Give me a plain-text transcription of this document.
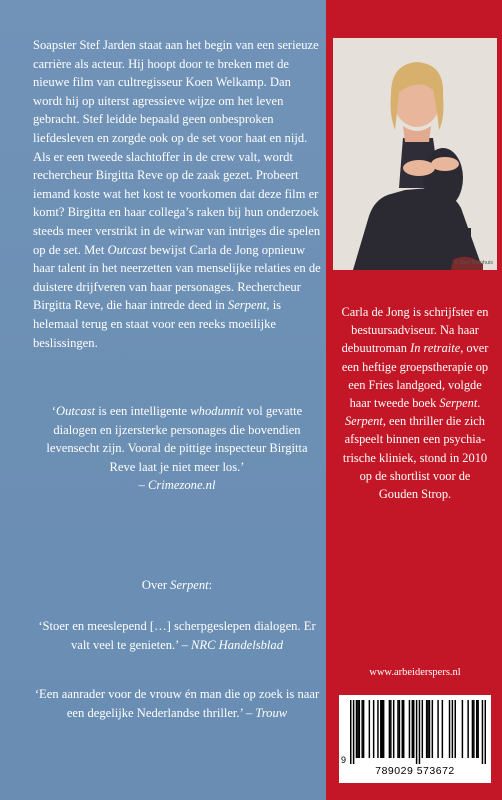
Soapster Stef Jarden staat aan het begin van een serieuze carrière als acteur. Hij hoopt door te breken met de nieuwe film van cultregisseur Koen Welkamp. Dan wordt hij op uiterst agressieve wijze om het leven gebracht. Stef leidde bepaald geen onbesproken liefdesleven en zorgde ook op de set voor haat en nijd. Als er een tweede slachtoffer in de crew valt, wordt rechercheur Birgitta Reve op de zaak gezet. Probeert iemand koste wat het kost te voorkomen dat deze film er komt? Birgitta en haar collega’s raken bij hun onderzoek steeds meer verstrikt in de wirwar van intriges die spelen op de set. Met Outcast bewijst Carla de Jong opnieuw haar talent in het neerzetten van menselijke relaties en de duistere drijfveren van haar personages. Rechercheur Birgitta Reve, die haar intrede deed in Serpent, is helemaal terug en staat voor een reeks moeilijke beslissingen.

‘Outcast is een intelligente whodunnit vol gevatte dialogen en ijzersterke personages die bovendien levensecht zijn. Vooral de pittige inspecteur Birgitta Reve laat je niet meer los.’
– Crimezone.nl
Over Serpent:
‘Stoer en meeslepend […] scherpgeslepen dialogen. Er valt veel te genieten.’ – NRC Handelsblad
‘Een aanrader voor de vrouw én man die op zoek is naar een degelijke Nederlandse thriller.’ – Trouw
© Bert Nienhuis
Carla de Jong is schrijfster en bestuursadviseur. Na haar debuutroman In retraite, over een heftige groepstherapie op een Fries landgoed, volgde haar tweede boek Serpent. Serpent, een thriller die zich afspeelt binnen een psychiatrische kliniek, stond in 2010 op de shortlist voor de Gouden Strop.
www.arbeiderspers.nl
9
789029 573672
